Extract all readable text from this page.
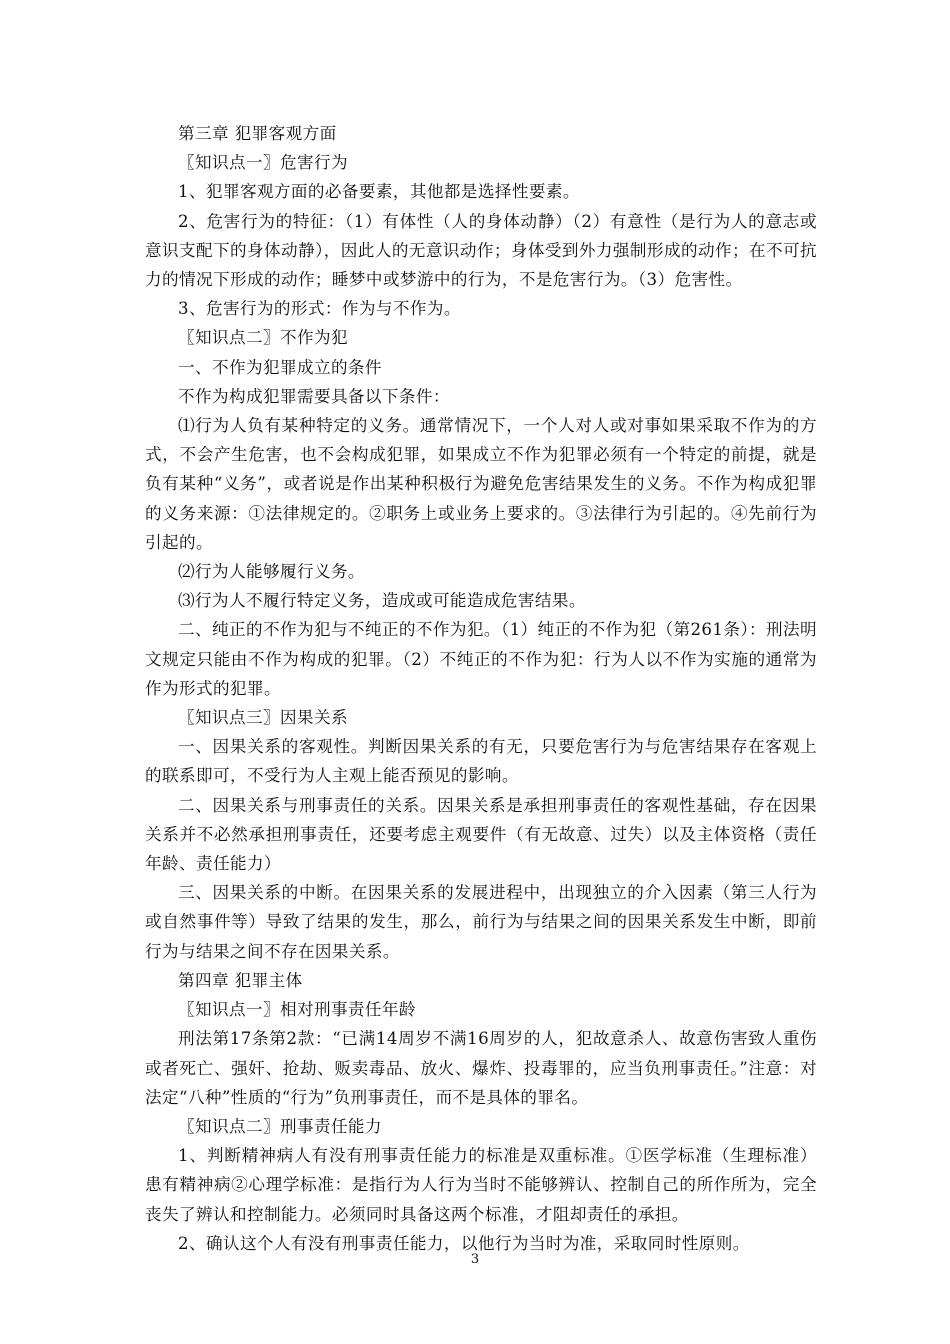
第三章 犯罪客观方面

〖知识点一〗危害行为

1、犯罪客观方面的必备要素，其他都是选择性要素。

2、危害行为的特征：（1）有体性（人的身体动静）（2）有意性（是行为人的意志或意识支配下的身体动静），因此人的无意识动作；身体受到外力强制形成的动作；在不可抗力的情况下形成的动作；睡梦中或梦游中的行为，不是危害行为。（3）危害性。

3、危害行为的形式：作为与不作为。

〖知识点二〗不作为犯

一、不作为犯罪成立的条件

不作为构成犯罪需要具备以下条件：

⑴行为人负有某种特定的义务。通常情况下，一个人对人或对事如果采取不作为的方式，不会产生危害，也不会构成犯罪，如果成立不作为犯罪必须有一个特定的前提，就是负有某种“义务”，或者说是作出某种积极行为避免危害结果发生的义务。不作为构成犯罪的义务来源：①法律规定的。②职务上或业务上要求的。③法律行为引起的。④先前行为引起的。

⑵行为人能够履行义务。

⑶行为人不履行特定义务，造成或可能造成危害结果。

二、纯正的不作为犯与不纯正的不作为犯。（1）纯正的不作为犯（第261条）：刑法明文规定只能由不作为构成的犯罪。（2）不纯正的不作为犯：行为人以不作为实施的通常为作为形式的犯罪。

〖知识点三〗因果关系

一、因果关系的客观性。判断因果关系的有无，只要危害行为与危害结果存在客观上的联系即可，不受行为人主观上能否预见的影响。

二、因果关系与刑事责任的关系。因果关系是承担刑事责任的客观性基础，存在因果关系并不必然承担刑事责任，还要考虑主观要件（有无故意、过失）以及主体资格（责任年龄、责任能力）

三、因果关系的中断。在因果关系的发展进程中，出现独立的介入因素（第三人行为或自然事件等）导致了结果的发生，那么，前行为与结果之间的因果关系发生中断，即前行为与结果之间不存在因果关系。

第四章 犯罪主体

〖知识点一〗相对刑事责任年龄

刑法第17条第2款：“已满14周岁不满16周岁的人，犯故意杀人、故意伤害致人重伤或者死亡、强奸、抢劫、贩卖毒品、放火、爆炸、投毒罪的，应当负刑事责任。”注意：对法定“八种”性质的“行为”负刑事责任，而不是具体的罪名。

〖知识点二〗刑事责任能力

1、判断精神病人有没有刑事责任能力的标准是双重标准。①医学标准（生理标准）患有精神病②心理学标准：是指行为人行为当时不能够辨认、控制自己的所作所为，完全丧失了辨认和控制能力。必须同时具备这两个标准，才阻却责任的承担。

2、确认这个人有没有刑事责任能力，以他行为当时为准，采取同时性原则。

3
